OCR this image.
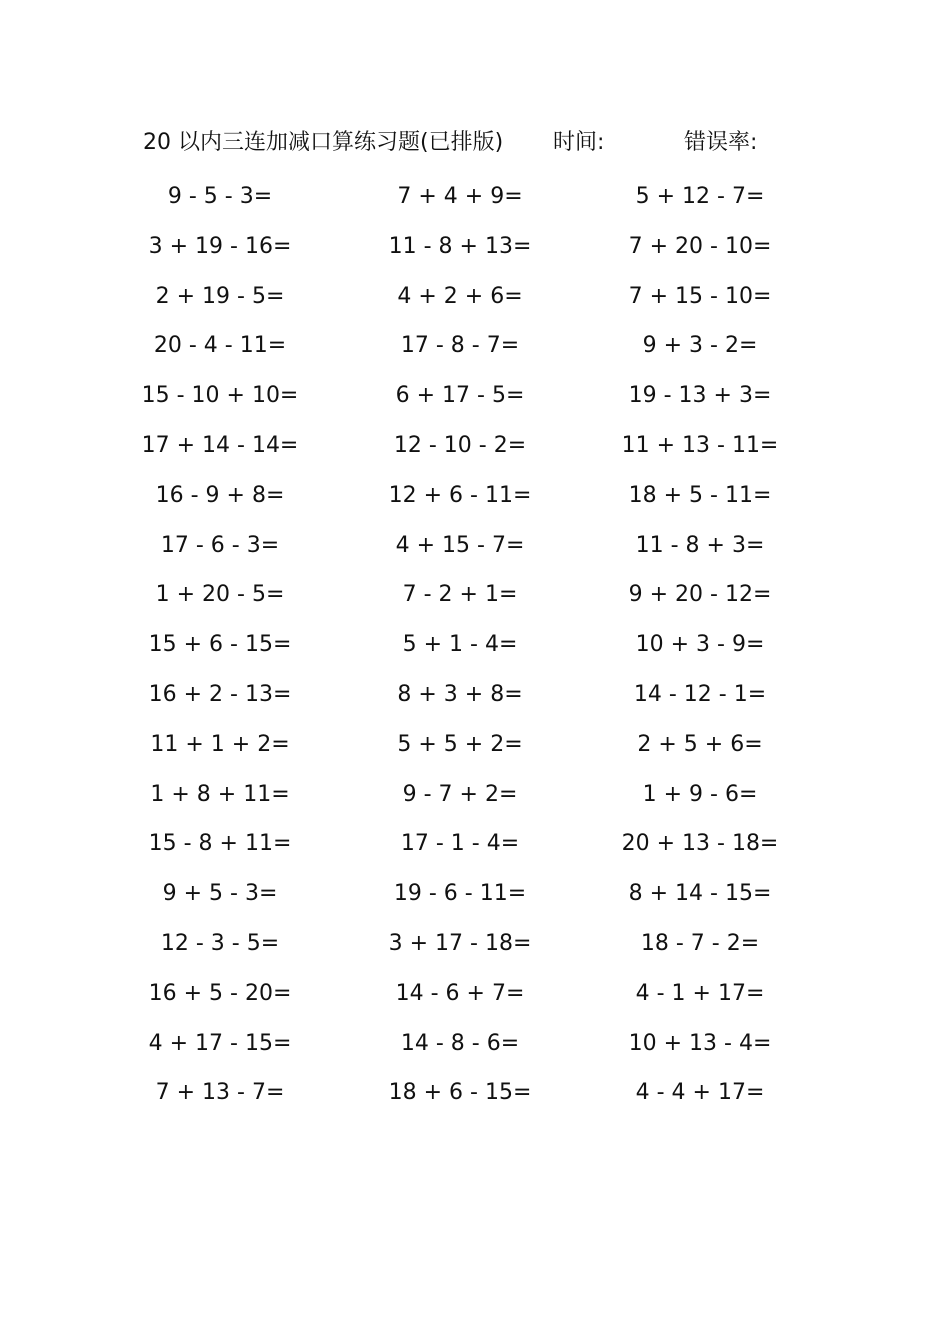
20 以内三连加减口算练习题(已排版) 时间:	错误率:
9 - 5 - 3=	7 + 4 + 9=	5 + 12 - 7=
3 + 19 - 16=	11 - 8 + 13=	7 + 20 - 10=
2 + 19 - 5=	4 + 2 + 6=	7 + 15 - 10=
20 - 4 - 11=	17 - 8 - 7=	9 + 3 - 2=
15 - 10 + 10=	6 + 17 - 5=	19 - 13 + 3=
17 + 14 - 14=	12 - 10 - 2=	11 + 13 - 11=
16 - 9 + 8=	12 + 6 - 11=	18 + 5 - 11=
17 - 6 - 3=	4 + 15 - 7=	11 - 8 + 3=
1 + 20 - 5=	7 - 2 + 1=	9 + 20 - 12=
15 + 6 - 15=	5 + 1 - 4=	10 + 3 - 9=
16 + 2 - 13=	8 + 3 + 8=	14 - 12 - 1=
11 + 1 + 2=	5 + 5 + 2=	2 + 5 + 6=
1 + 8 + 11=	9 - 7 + 2=	1 + 9 - 6=
15 - 8 + 11=	17 - 1 - 4=	20 + 13 - 18=
9 + 5 - 3=	19 - 6 - 11=	8 + 14 - 15=
12 - 3 - 5=	3 + 17 - 18=	18 - 7 - 2=
16 + 5 - 20=	14 - 6 + 7=	4 - 1 + 17=
4 + 17 - 15=	14 - 8 - 6=	10 + 13 - 4=
7 + 13 - 7=	18 + 6 - 15=	4 - 4 + 17=
